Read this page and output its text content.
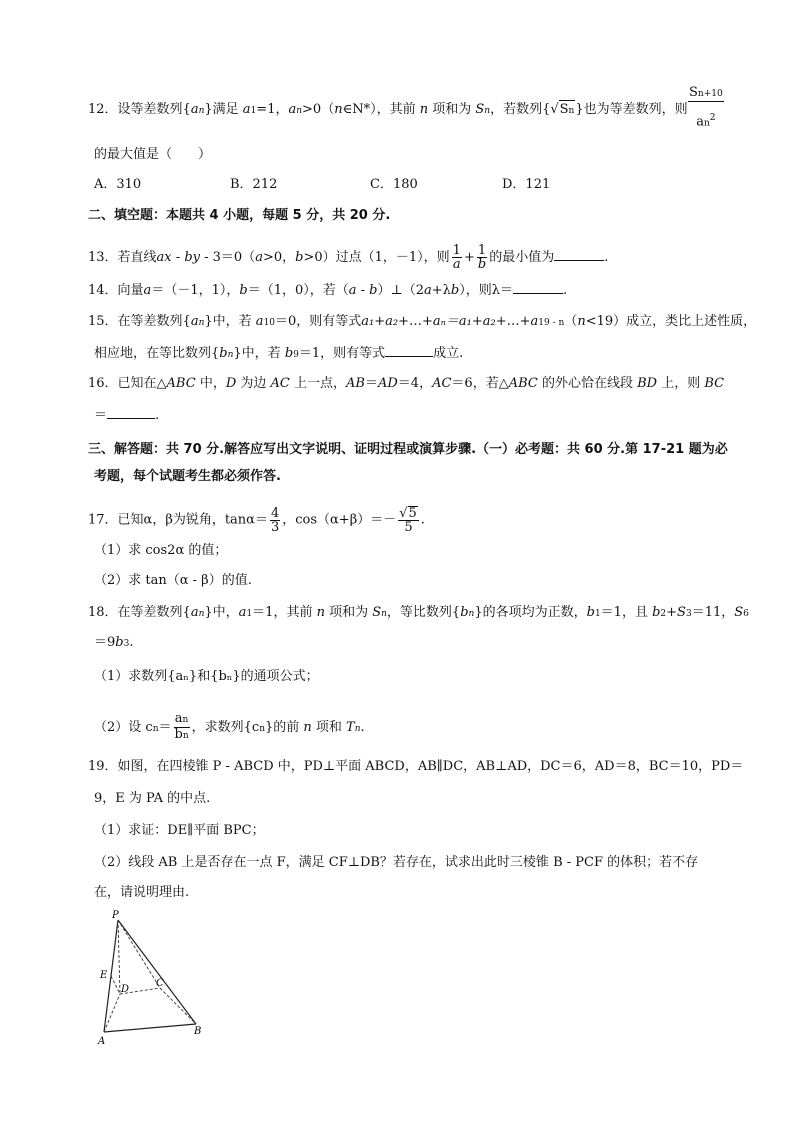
12．设等差数列{an}满足 a1=1，an>0（n∈N*），其前 n 项和为 Sn，若数列{√Sn}也为等差数列，则 $\frac{Sn+10}{an^2}$
的最大值是（　　）
A．310	B．212	C．180	D．121
二、填空题：本题共 4 小题，每题 5 分，共 20 分.
13．若直线ax - by - 3＝0（a>0，b>0）过点（1，－1），则 $\frac{1}{a} + \frac{1}{b}$ 的最小值为	.
14．向量a＝（－1，1），b＝（1，0），若（a - b）⊥（2a+λb），则λ＝	.
15．在等差数列{an}中，若 a10＝0，则有等式a₁+a₂+…+aₙ＝a₁+a₂+…+a19 - n（n<19）成立，类比上述性质，
相应地，在等比数列{bn}中，若 b9＝1，则有等式	成立.
16．已知在△ABC 中，D 为边 AC 上一点，AB＝AD＝4，AC＝6，若△ABC 的外心恰在线段 BD 上，则 BC
＝	.
三、解答题：共 70 分.解答应写出文字说明、证明过程或演算步骤.（一）必考题：共 60 分.第 17-21 题为必
考题，每个试题考生都必须作答.
17．已知α，β为锐角，$\tan\alpha= \frac{4}{3}$ ，$\cos(\alpha+\beta)=- \frac{√5}{5}$ .
（1）求 cos2α 的值；
（2）求 tan（α - β）的值.
18．在等差数列{an}中，a1＝1，其前 n 项和为 Sn，等比数列{bn}的各项均为正数，b1＝1，且 b2+S3＝11，S6
＝9b3.
（1）求数列{aₙ}和{bₙ}的通项公式；
（2）设 $cn= \frac{an}{bn}$ ，求数列{cn}的前 n 项和 Tn.
19．如图，在四棱锥 P - ABCD 中，PD⊥平面 ABCD，AB∥DC，AB⊥AD，DC＝6，AD＝8，BC＝10，PD＝
9，E 为 PA 的中点.
（1）求证：DE∥平面 BPC；
（2）线段 AB 上是否存在一点 F，满足 CF⊥DB？若存在，试求出此时三棱锥 B - PCF 的体积；若不存
在，请说明理由.
P
E
D
C
A
B
